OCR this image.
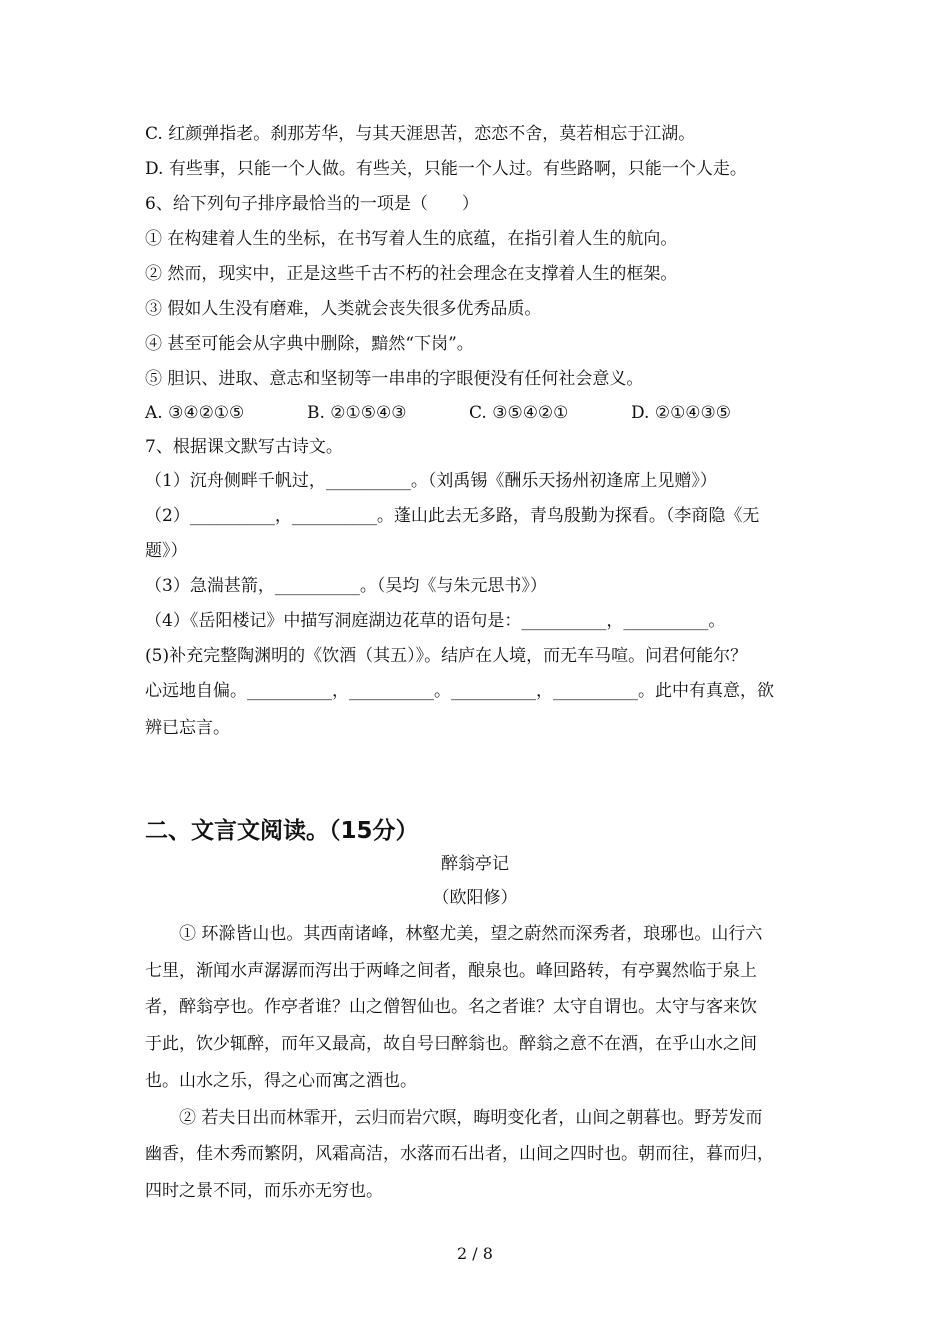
C. 红颜弹指老。刹那芳华，与其天涯思苦，恋恋不舍，莫若相忘于江湖。
D. 有些事，只能一个人做。有些关，只能一个人过。有些路啊，只能一个人走。
6、给下列句子排序最恰当的一项是（　　）
① 在构建着人生的坐标，在书写着人生的底蕴，在指引着人生的航向。
② 然而，现实中，正是这些千古不朽的社会理念在支撑着人生的框架。
③ 假如人生没有磨难，人类就会丧失很多优秀品质。
④ 甚至可能会从字典中删除，黯然“下岗”。
⑤ 胆识、进取、意志和坚韧等一串串的字眼便没有任何社会意义。
A. ③④②①⑤	B. ②①⑤④③	C. ③⑤④②①	D. ②①④③⑤
7、根据课文默写古诗文。
（1）沉舟侧畔千帆过，__________。（刘禹锡《酬乐天扬州初逢席上见赠》）
（2）__________，__________。蓬山此去无多路，青鸟殷勤为探看。（李商隐《无
题》）
（3）急湍甚箭，__________。（吴均《与朱元思书》）
（4）《岳阳楼记》中描写洞庭湖边花草的语句是：__________，__________。
(5)补充完整陶渊明的《饮酒（其五）》。结庐在人境，而无车马喧。问君何能尔？
心远地自偏。__________，__________。__________，__________。此中有真意，欲
辨已忘言。
二、文言文阅读。（15分）
醉翁亭记
（欧阳修）
　　① 环滁皆山也。其西南诸峰，林壑尤美，望之蔚然而深秀者，琅琊也。山行六
七里，渐闻水声潺潺而泻出于两峰之间者，酿泉也。峰回路转，有亭翼然临于泉上
者，醉翁亭也。作亭者谁？山之僧智仙也。名之者谁？太守自谓也。太守与客来饮
于此，饮少辄醉，而年又最高，故自号曰醉翁也。醉翁之意不在酒，在乎山水之间
也。山水之乐，得之心而寓之酒也。
　　② 若夫日出而林霏开，云归而岩穴暝，晦明变化者，山间之朝暮也。野芳发而
幽香，佳木秀而繁阴，风霜高洁，水落而石出者，山间之四时也。朝而往，暮而归，
四时之景不同，而乐亦无穷也。
2 / 8
